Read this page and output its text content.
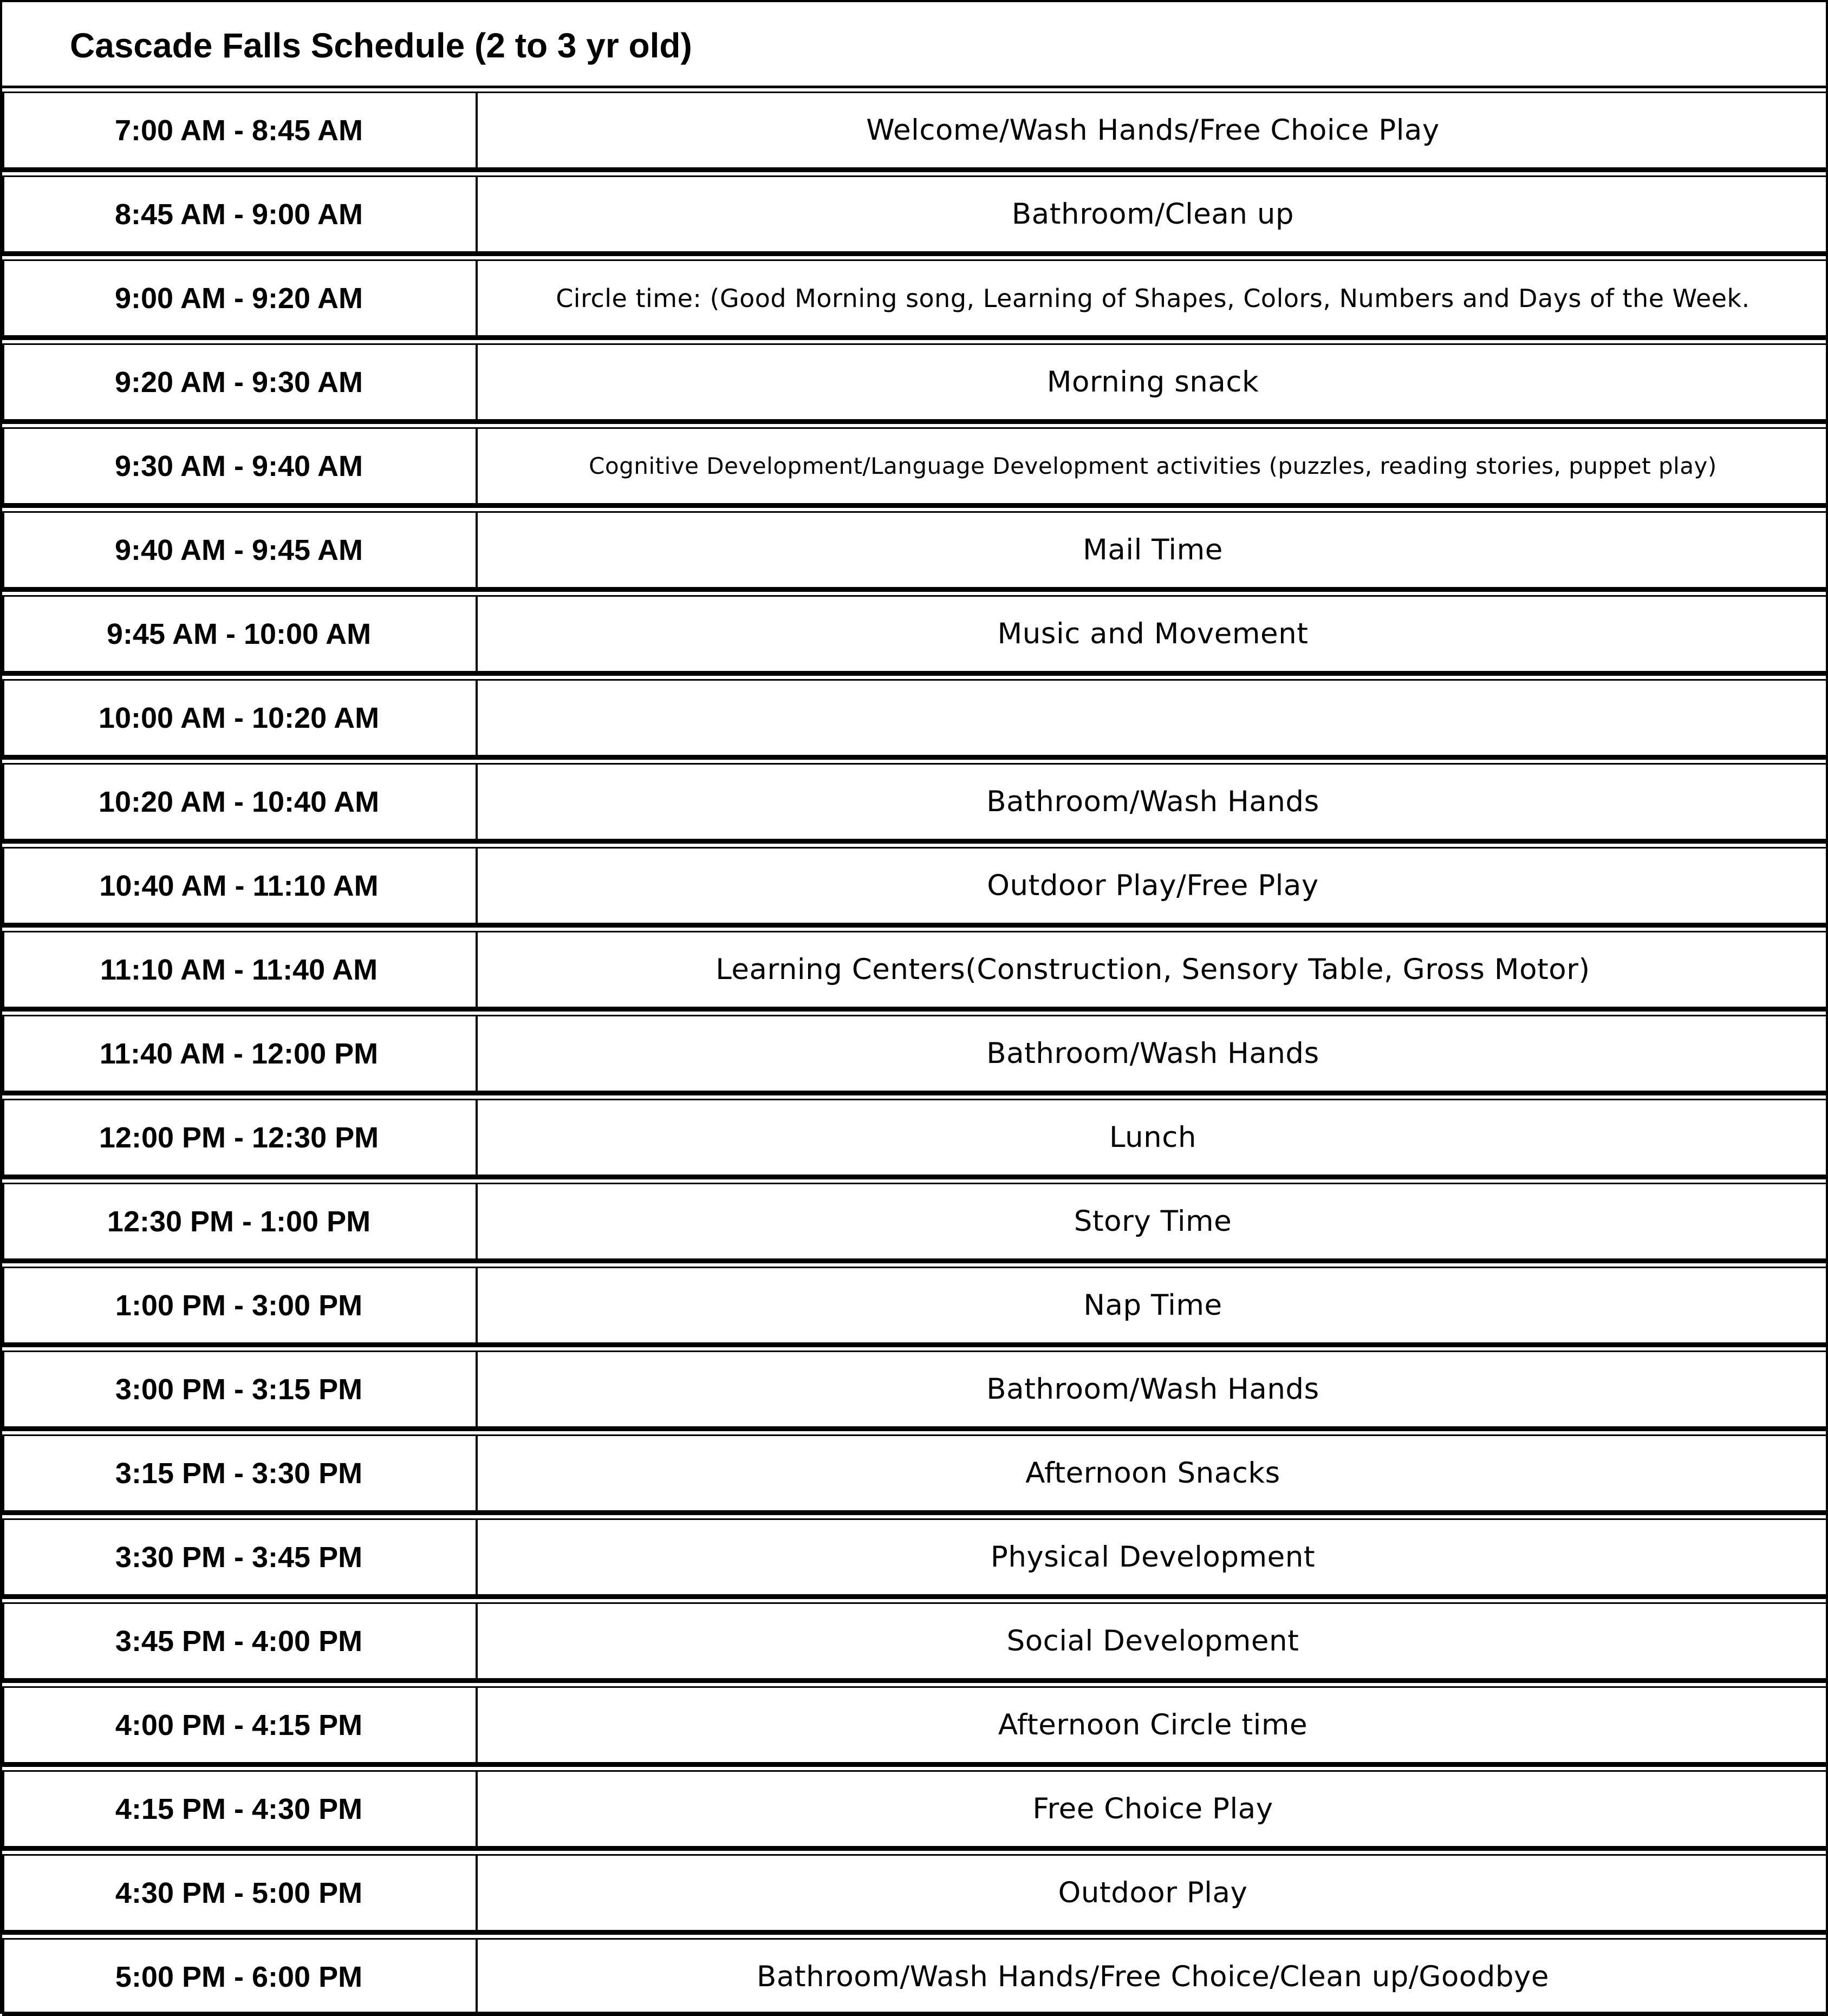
Cascade Falls Schedule (2 to 3 yr old)
7:00 AM - 8:45 AM	Welcome/Wash Hands/Free Choice Play
8:45 AM - 9:00 AM	Bathroom/Clean up
9:00 AM - 9:20 AM	Circle time: (Good Morning song, Learning of Shapes, Colors, Numbers and Days of the Week.
9:20 AM - 9:30 AM	Morning snack
9:30 AM - 9:40 AM	Cognitive Development/Language Development activities (puzzles, reading stories, puppet play)
9:40 AM - 9:45 AM	Mail Time
9:45 AM - 10:00 AM	Music and Movement
10:00 AM - 10:20 AM
10:20 AM - 10:40 AM	Bathroom/Wash Hands
10:40 AM - 11:10 AM	Outdoor Play/Free Play
11:10 AM - 11:40 AM	Learning Centers(Construction, Sensory Table, Gross Motor)
11:40 AM - 12:00 PM	Bathroom/Wash Hands
12:00 PM - 12:30 PM	Lunch
12:30 PM - 1:00 PM	Story Time
1:00 PM - 3:00 PM	Nap Time
3:00 PM - 3:15 PM	Bathroom/Wash Hands
3:15 PM - 3:30 PM	Afternoon Snacks
3:30 PM - 3:45 PM	Physical Development
3:45 PM - 4:00 PM	Social Development
4:00 PM - 4:15 PM	Afternoon Circle time
4:15 PM - 4:30 PM	Free Choice Play
4:30 PM - 5:00 PM	Outdoor Play
5:00 PM - 6:00 PM	Bathroom/Wash Hands/Free Choice/Clean up/Goodbye
